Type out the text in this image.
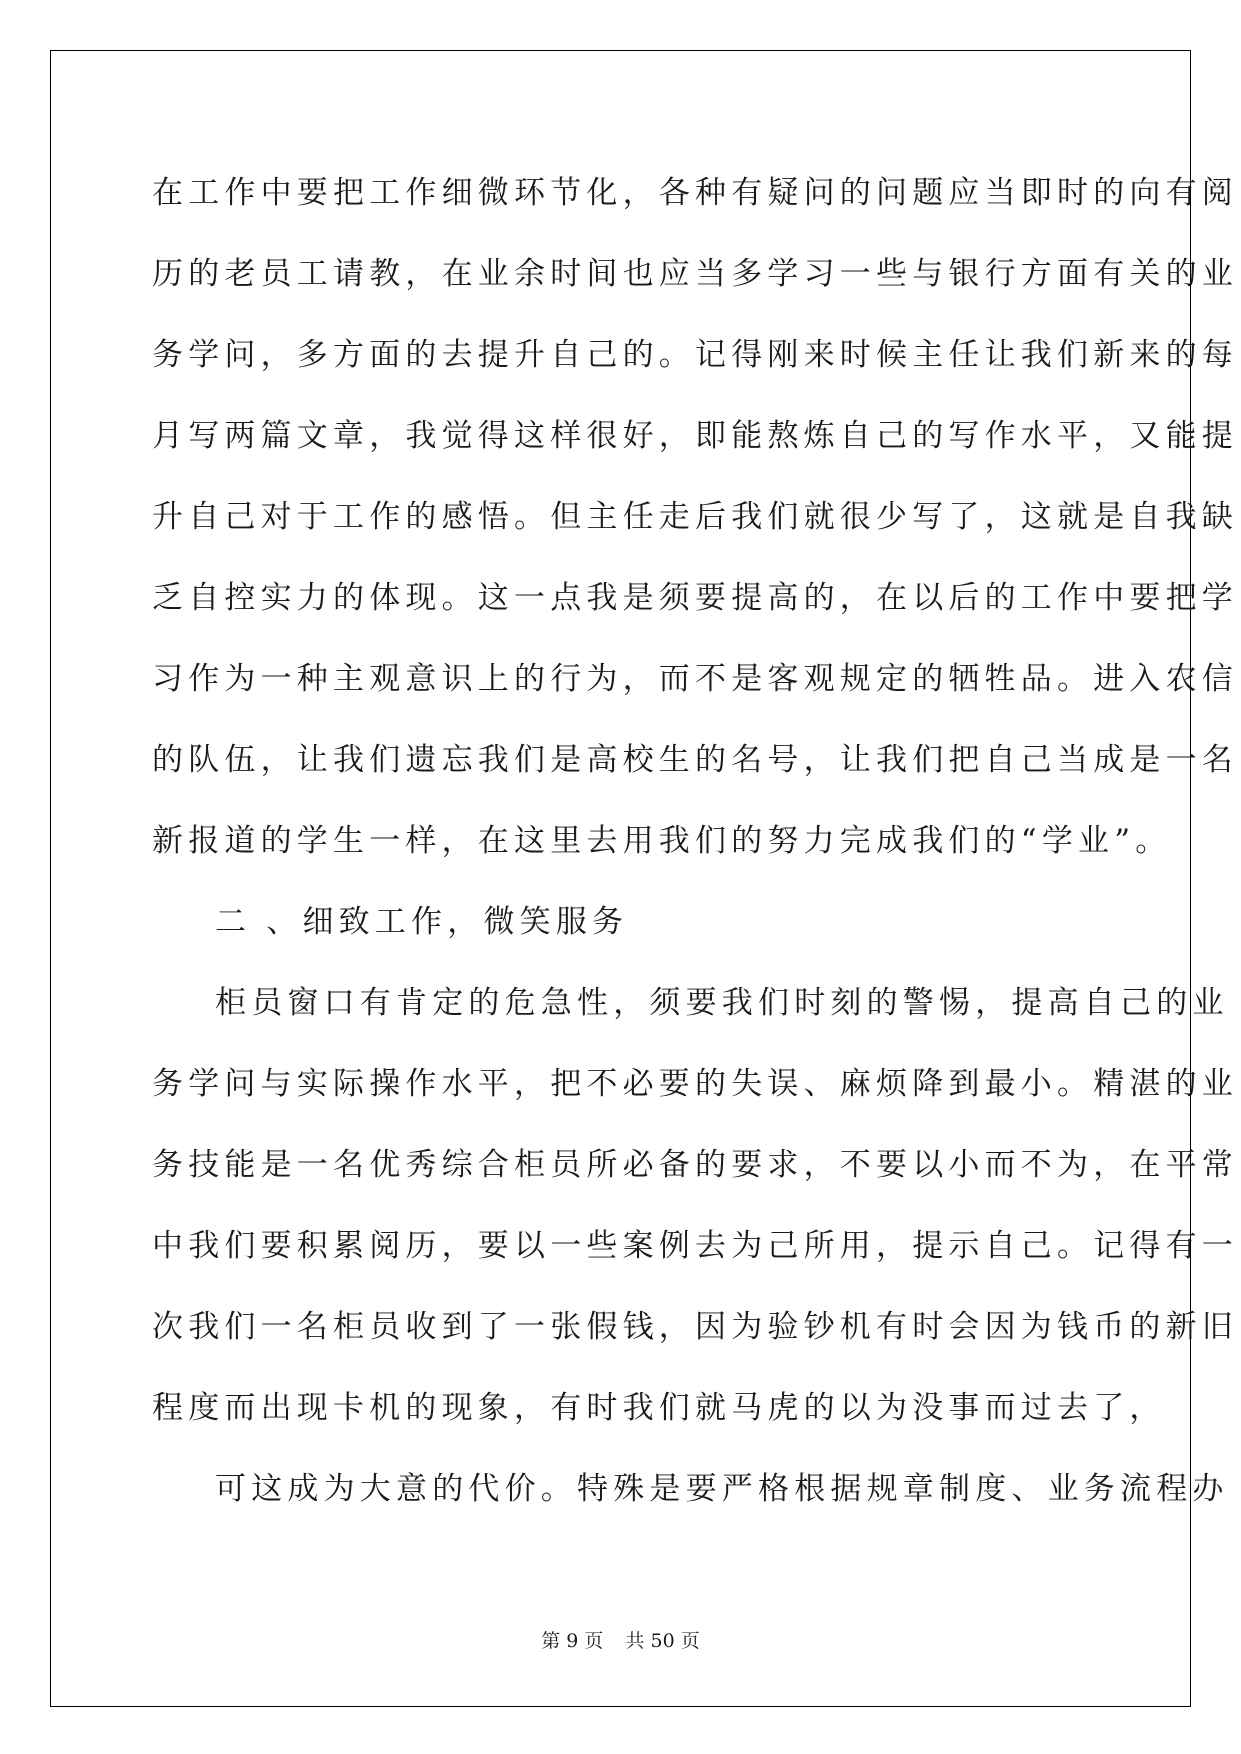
在工作中要把工作细微环节化，各种有疑问的问题应当即时的向有阅
历的老员工请教，在业余时间也应当多学习一些与银行方面有关的业
务学问，多方面的去提升自己的。记得刚来时候主任让我们新来的每
月写两篇文章，我觉得这样很好，即能熬炼自己的写作水平，又能提
升自己对于工作的感悟。但主任走后我们就很少写了，这就是自我缺
乏自控实力的体现。这一点我是须要提高的，在以后的工作中要把学
习作为一种主观意识上的行为，而不是客观规定的牺牲品。进入农信
的队伍，让我们遗忘我们是高校生的名号，让我们把自己当成是一名
新报道的学生一样，在这里去用我们的努力完成我们的“学业”。
二 、细致工作，微笑服务
柜员窗口有肯定的危急性，须要我们时刻的警惕，提高自己的业
务学问与实际操作水平，把不必要的失误、麻烦降到最小。精湛的业
务技能是一名优秀综合柜员所必备的要求，不要以小而不为，在平常
中我们要积累阅历，要以一些案例去为己所用，提示自己。记得有一
次我们一名柜员收到了一张假钱，因为验钞机有时会因为钱币的新旧
程度而出现卡机的现象，有时我们就马虎的以为没事而过去了，
可这成为大意的代价。特殊是要严格根据规章制度、业务流程办
第 9 页 共 50 页
